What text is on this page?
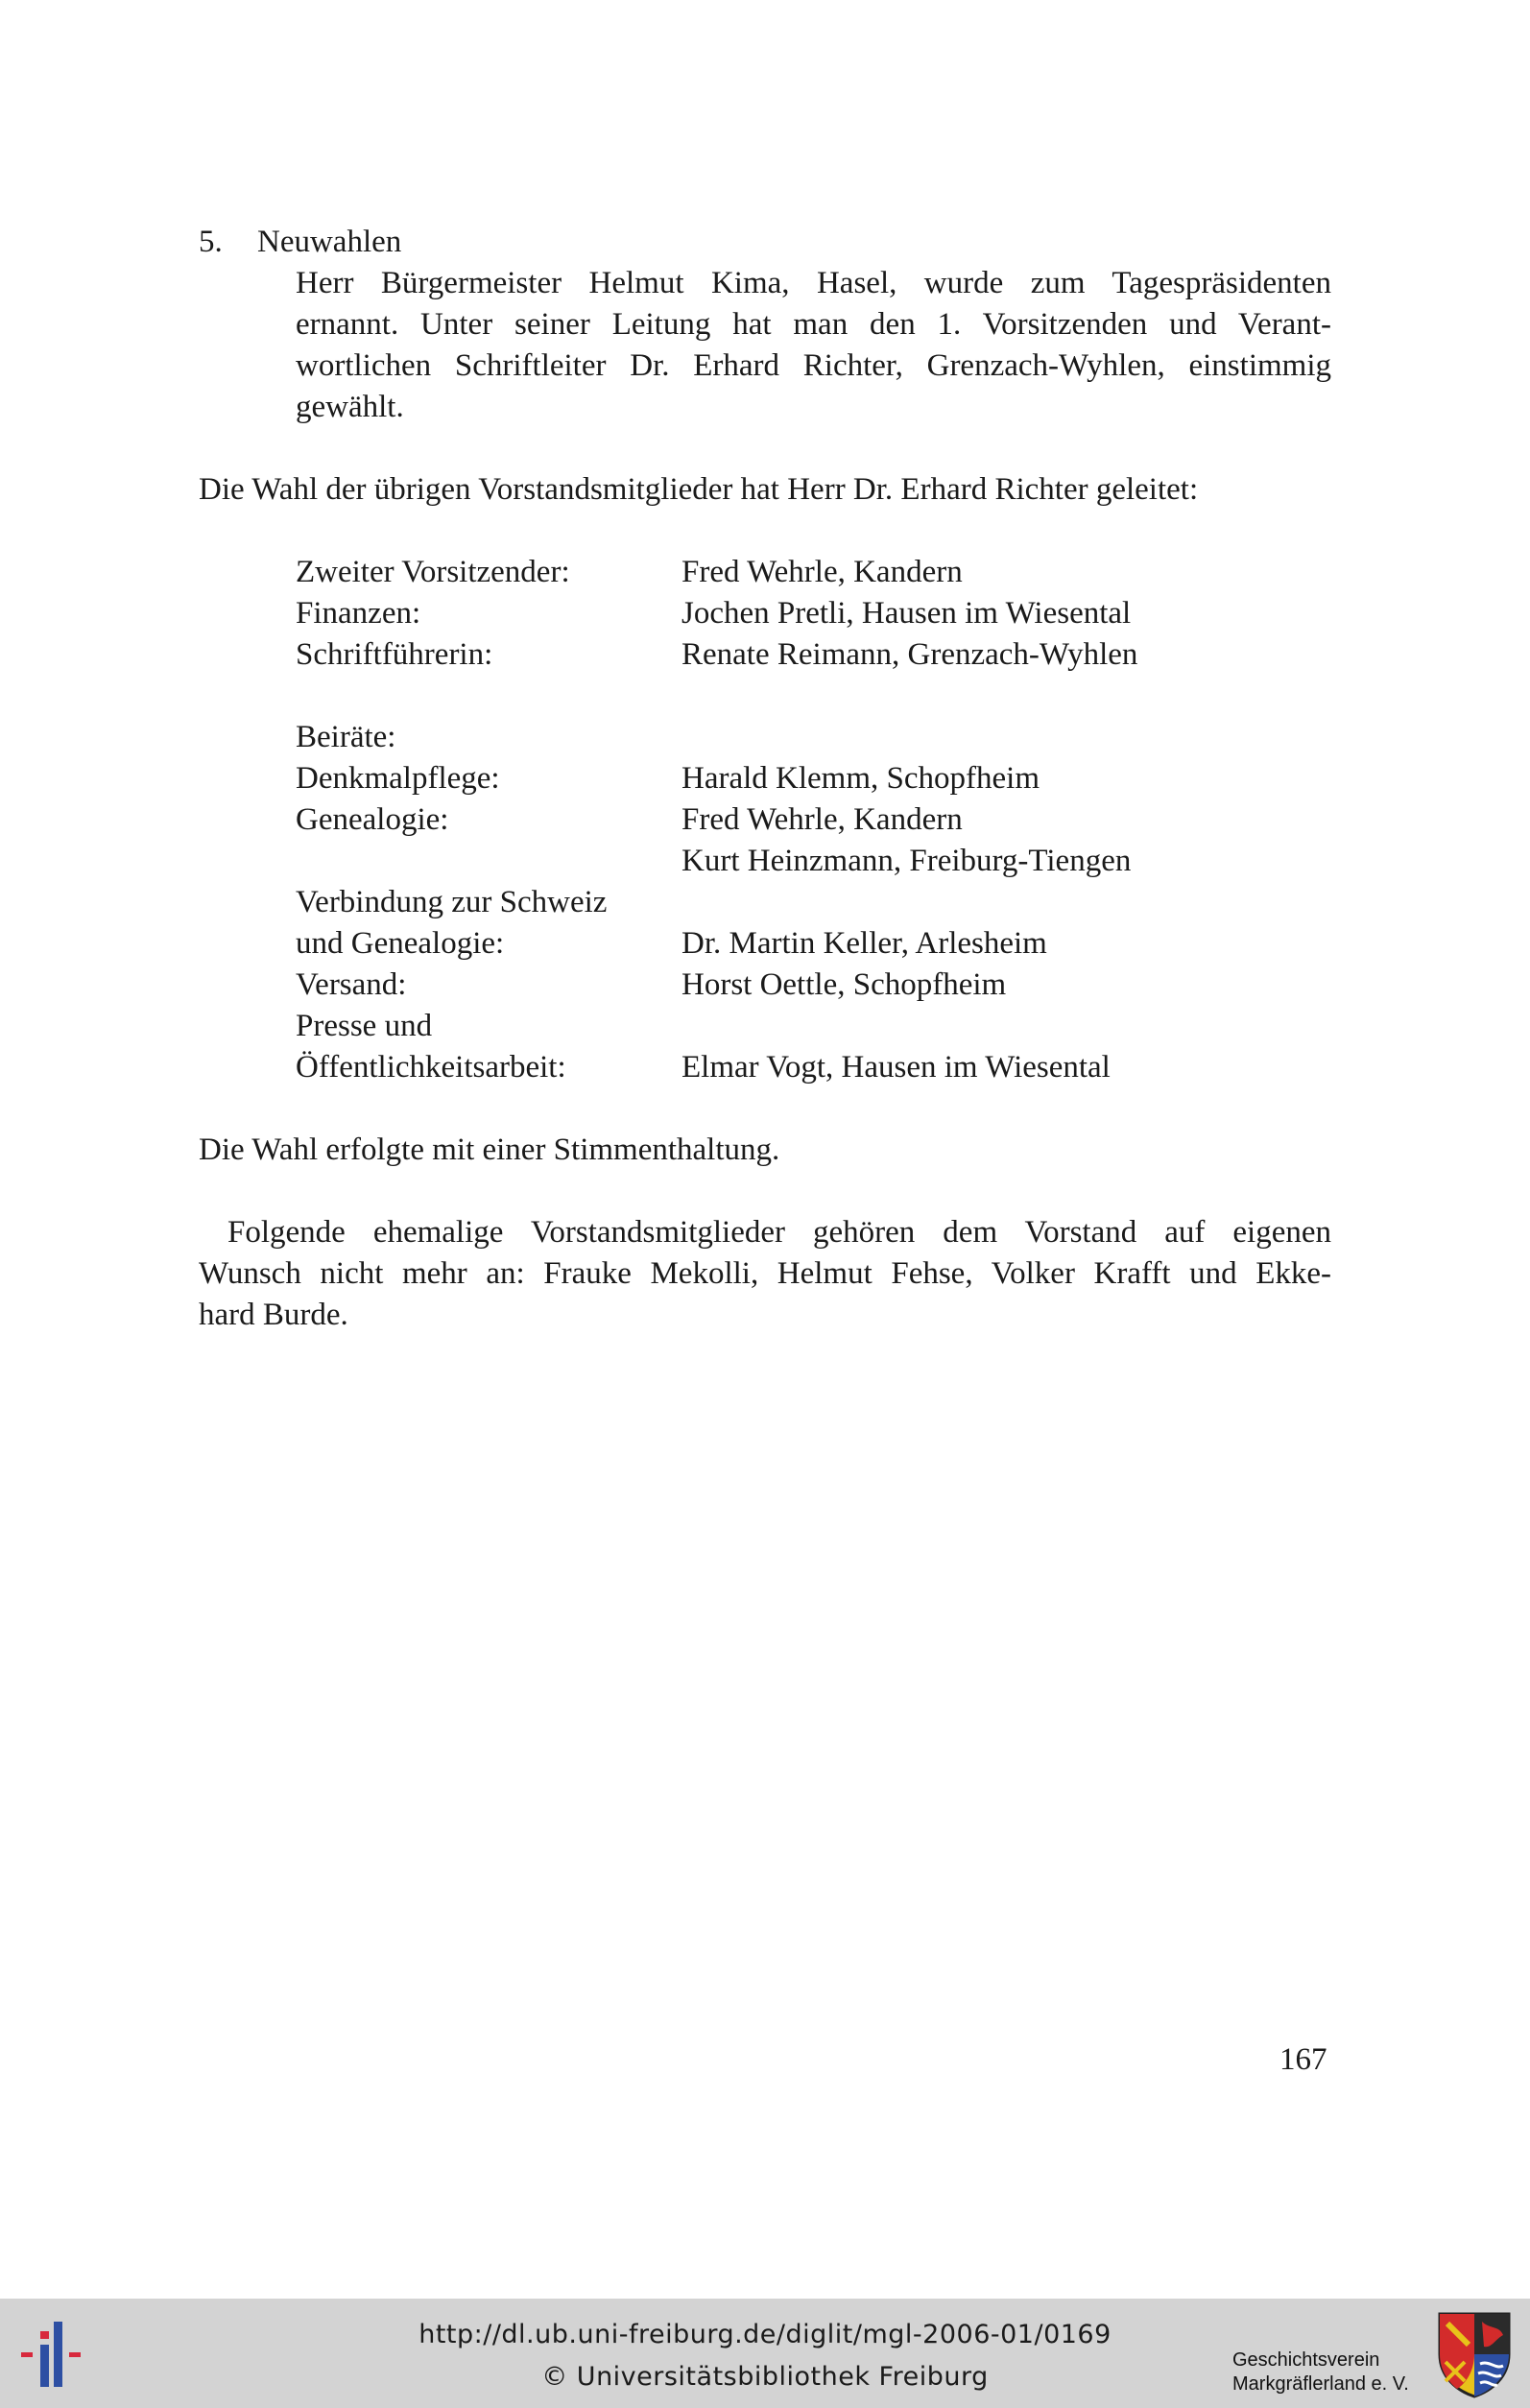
5. Neuwahlen
Herr Bürgermeister Helmut Kima, Hasel, wurde zum Tagespräsidenten
ernannt. Unter seiner Leitung hat man den 1. Vorsitzenden und Verant-
wortlichen Schriftleiter Dr. Erhard Richter, Grenzach-Wyhlen, einstimmig
gewählt.
Die Wahl der übrigen Vorstandsmitglieder hat Herr Dr. Erhard Richter geleitet:
Zweiter Vorsitzender:	Fred Wehrle, Kandern
Finanzen:	Jochen Pretli, Hausen im Wiesental
Schriftführerin:	Renate Reimann, Grenzach-Wyhlen
Beiräte:
Denkmalpflege:	Harald Klemm, Schopfheim
Genealogie:	Fred Wehrle, Kandern
Kurt Heinzmann, Freiburg-Tiengen
Verbindung zur Schweiz
und Genealogie:	Dr. Martin Keller, Arlesheim
Versand:	Horst Oettle, Schopfheim
Presse und
Öffentlichkeitsarbeit:	Elmar Vogt, Hausen im Wiesental
Die Wahl erfolgte mit einer Stimmenthaltung.
Folgende ehemalige Vorstandsmitglieder gehören dem Vorstand auf eigenen
Wunsch nicht mehr an: Frauke Mekolli, Helmut Fehse, Volker Krafft und Ekke-
hard Burde.
167
http://dl.ub.uni-freiburg.de/diglit/mgl-2006-01/0169
© Universitätsbibliothek Freiburg
Geschichtsverein
Markgräflerland e. V.
